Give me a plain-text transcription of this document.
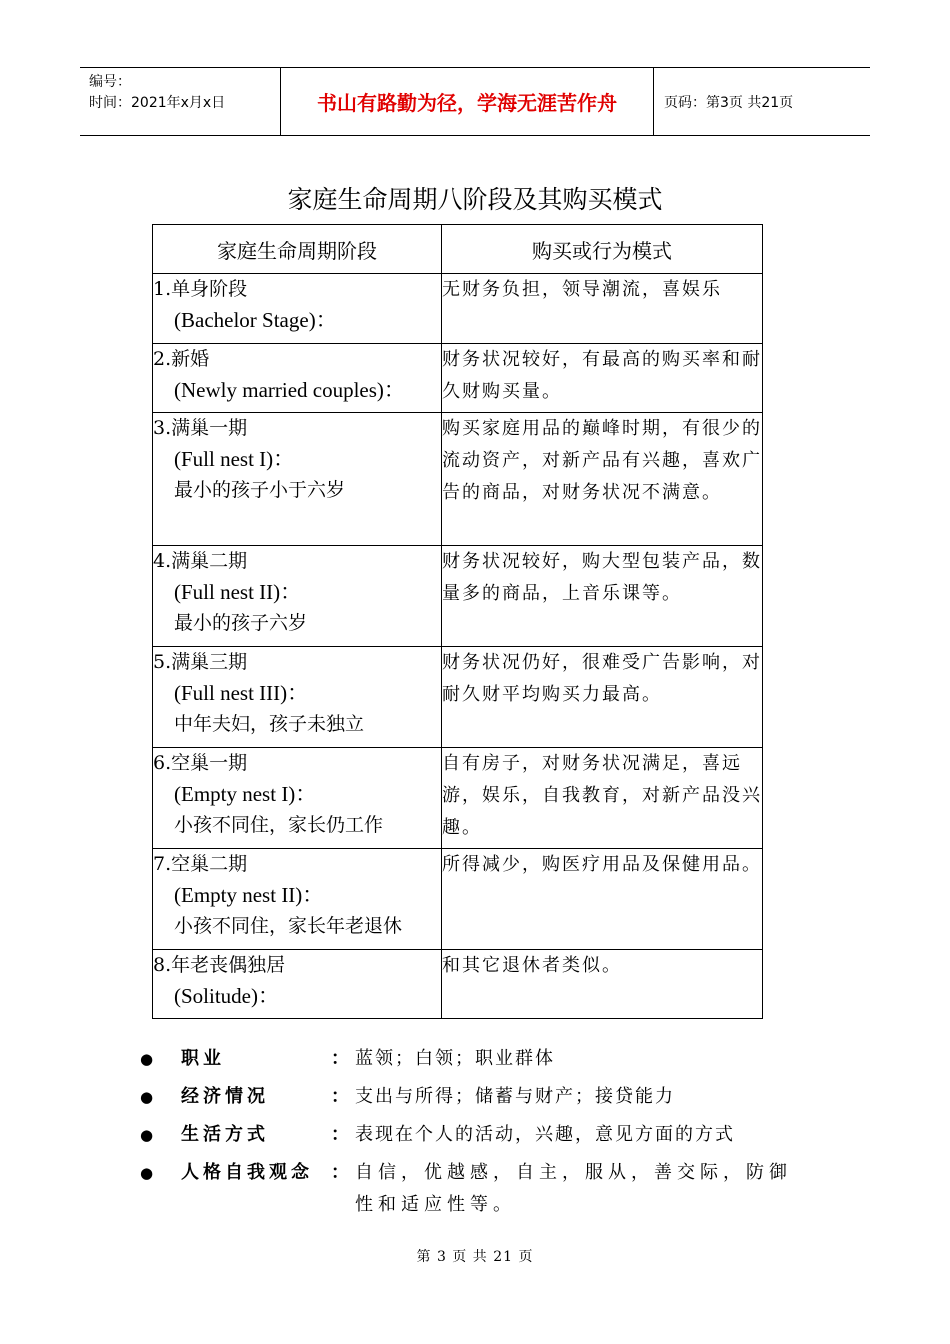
编号：
时间：2021年x月x日	书山有路勤为径，学海无涯苦作舟	页码：第3页 共21页
家庭生命周期八阶段及其购买模式
家庭生命周期阶段	购买或行为模式
1.单身阶段
(Bachelor Stage)：	无财务负担，领导潮流，喜娱乐
2.新婚
(Newly married couples)：	财务状况较好，有最高的购买率和耐久财购买量。
3.满巢一期
(Full nest I)：
最小的孩子小于六岁	购买家庭用品的巅峰时期，有很少的流动资产，对新产品有兴趣，喜欢广告的商品，对财务状况不满意。
4.满巢二期
(Full nest II)：
最小的孩子六岁	财务状况较好，购大型包装产品，数量多的商品，上音乐课等。
5.满巢三期
(Full nest III)：
中年夫妇，孩子未独立	财务状况仍好，很难受广告影响，对耐久财平均购买力最高。
6.空巢一期
(Empty nest I)：
小孩不同住，家长仍工作	自有房子，对财务状况满足，喜远游，娱乐，自我教育，对新产品没兴趣。
7.空巢二期
(Empty nest II)：
小孩不同住，家长年老退休	所得减少，购医疗用品及保健用品。
8.年老丧偶独居
(Solitude)：	和其它退休者类似。
●	职业	： 蓝领；白领；职业群体
●	经济情况	： 支出与所得；储蓄与财产；接贷能力
●	生活方式	： 表现在个人的活动，兴趣，意见方面的方式
●	人格自我观念	： 自信，优越感，自主，服从，善交际，防御性和适应性等。
第 3 页 共 21 页
